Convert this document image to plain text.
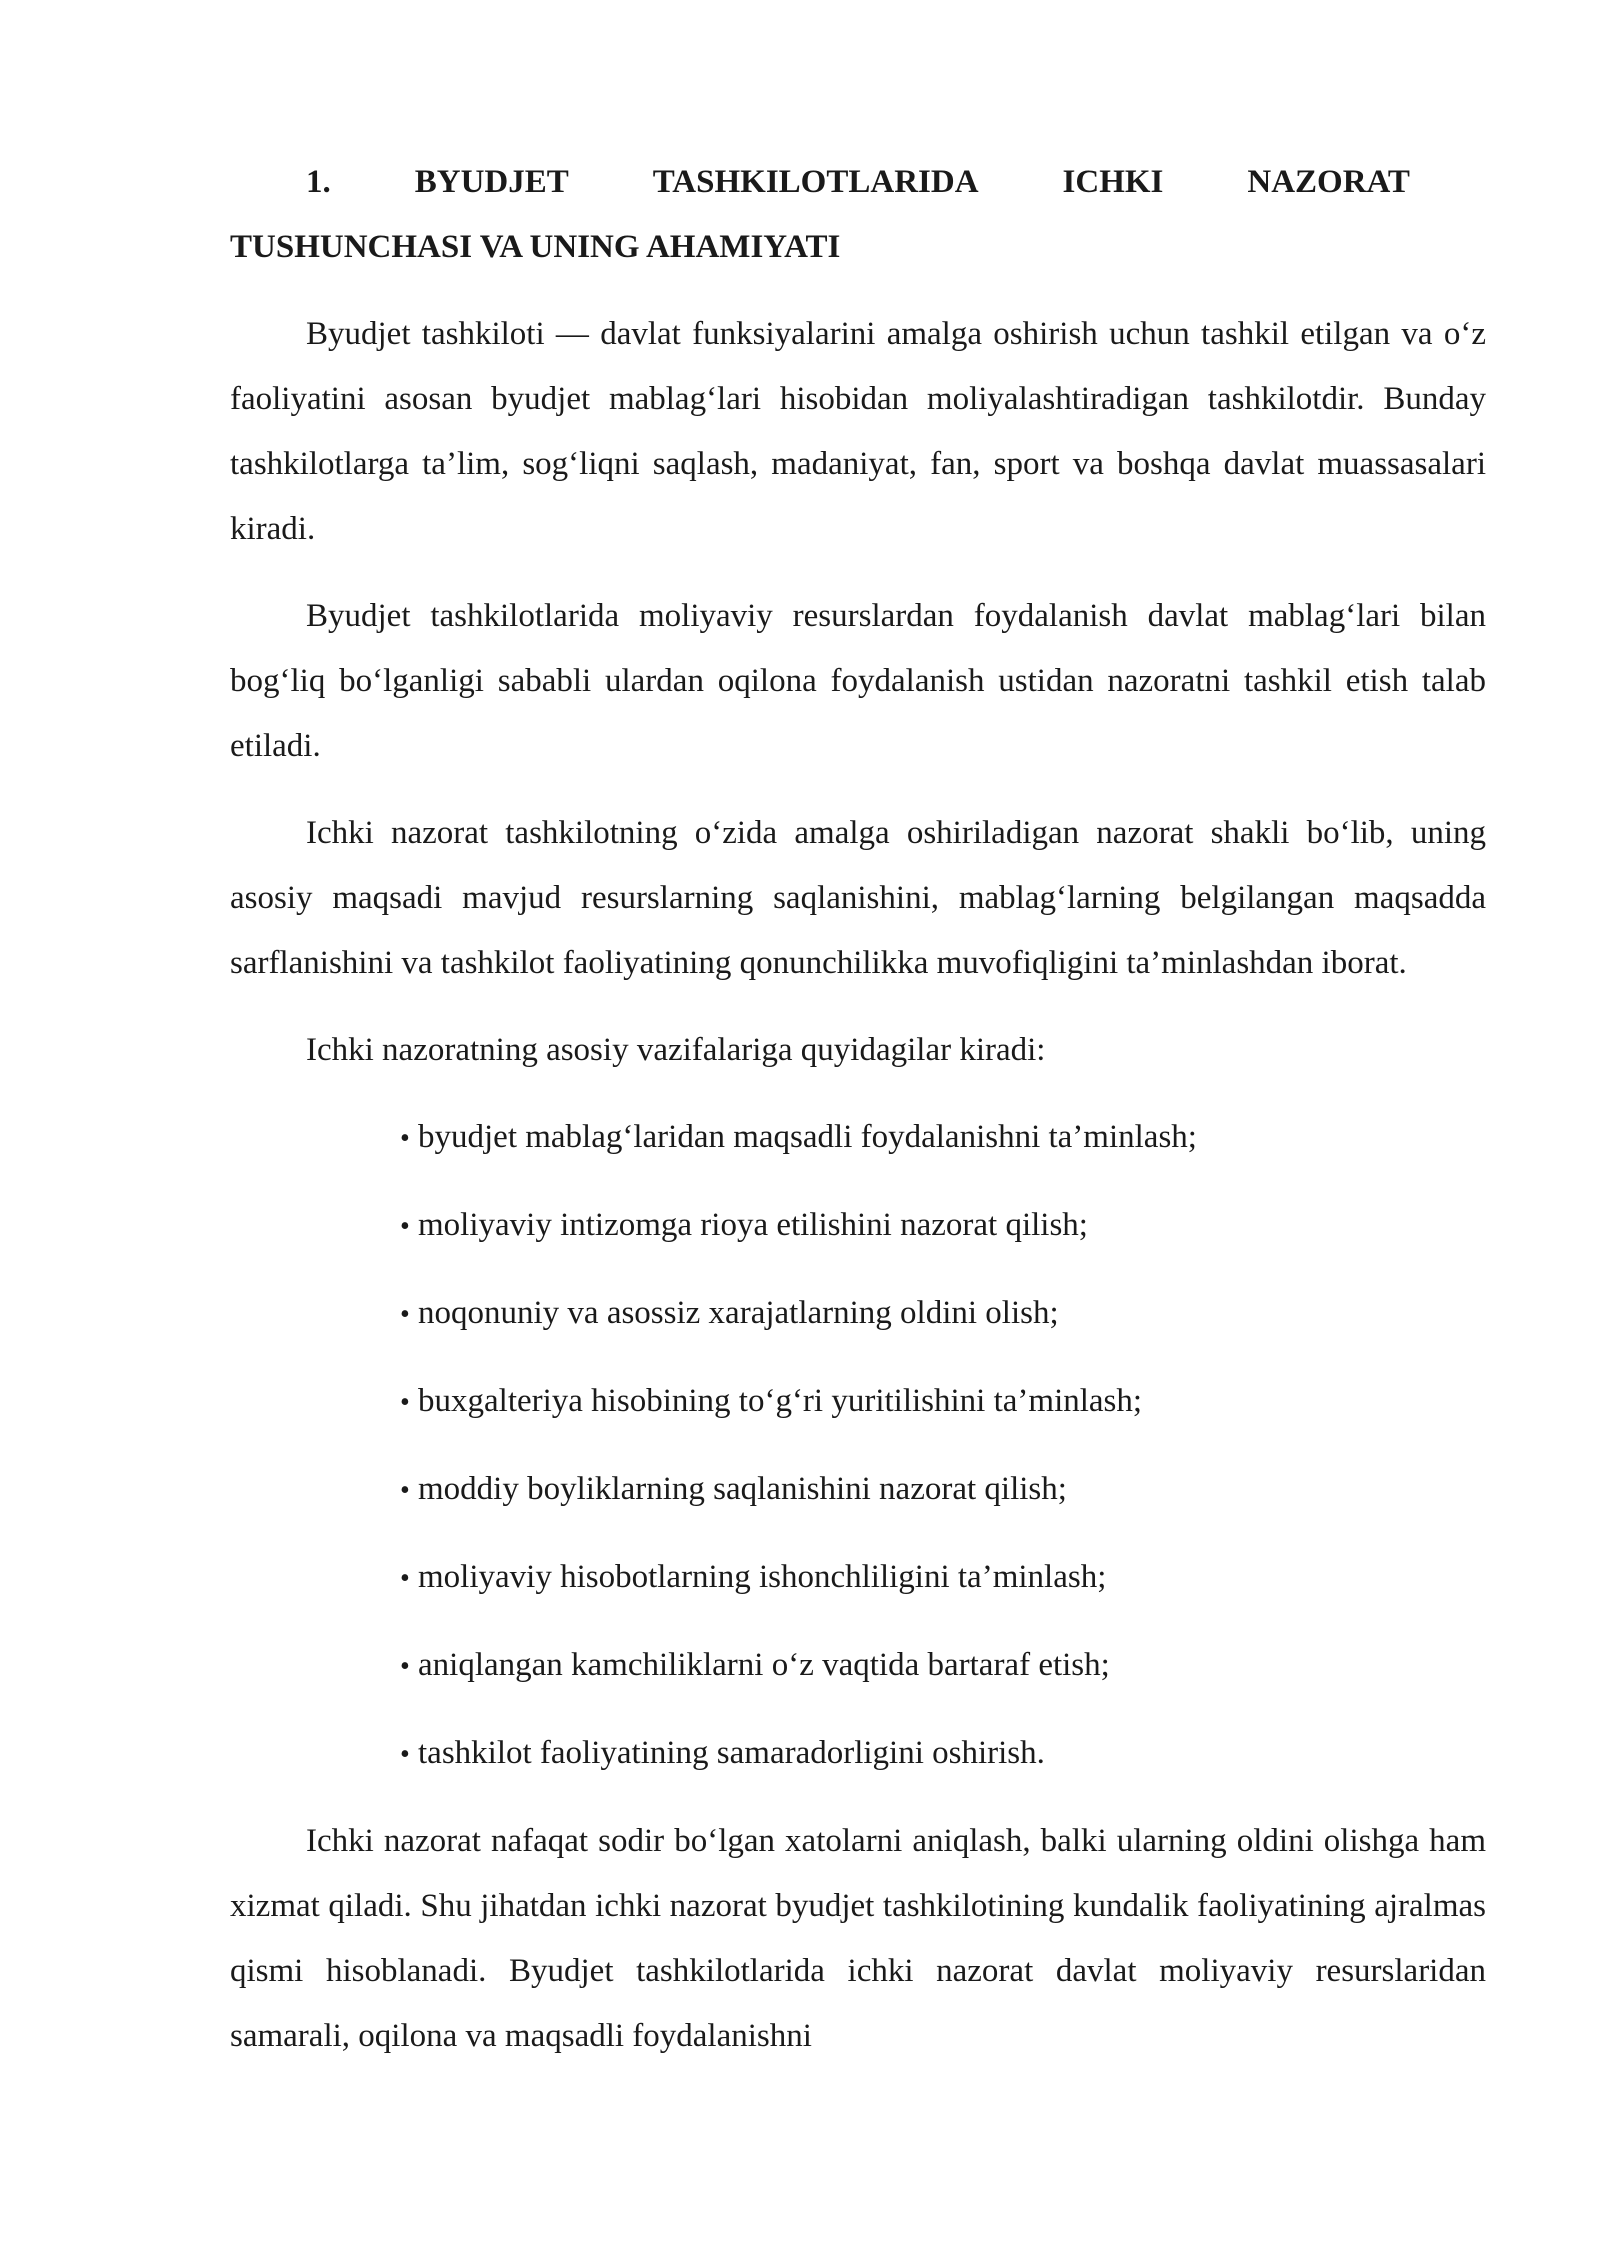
1.	BYUDJET	TASHKILOTLARIDA	ICHKI	NAZORAT
TUSHUNCHASI VA UNING AHAMIYATI

Byudjet tashkiloti — davlat funksiyalarini amalga oshirish uchun tashkil etilgan va o‘z faoliyatini asosan byudjet mablag‘lari hisobidan moliyalashtiradigan tashkilotdir. Bunday tashkilotlarga ta’lim, sog‘liqni saqlash, madaniyat, fan, sport va boshqa davlat muassasalari kiradi.

Byudjet tashkilotlarida moliyaviy resurslardan foydalanish davlat mablag‘lari bilan bog‘liq bo‘lganligi sababli ulardan oqilona foydalanish ustidan nazoratni tashkil etish talab etiladi.

Ichki nazorat tashkilotning o‘zida amalga oshiriladigan nazorat shakli bo‘lib, uning asosiy maqsadi mavjud resurslarning saqlanishini, mablag‘larning belgilangan maqsadda sarflanishini va tashkilot faoliyatining qonunchilikka muvofiqligini ta’minlashdan iborat.

Ichki nazoratning asosiy vazifalariga quyidagilar kiradi:

• byudjet mablag‘laridan maqsadli foydalanishni ta’minlash;
• moliyaviy intizomga rioya etilishini nazorat qilish;
• noqonuniy va asossiz xarajatlarning oldini olish;
• buxgalteriya hisobining to‘g‘ri yuritilishini ta’minlash;
• moddiy boyliklarning saqlanishini nazorat qilish;
• moliyaviy hisobotlarning ishonchliligini ta’minlash;
• aniqlangan kamchiliklarni o‘z vaqtida bartaraf etish;
• tashkilot faoliyatining samaradorligini oshirish.

Ichki nazorat nafaqat sodir bo‘lgan xatolarni aniqlash, balki ularning oldini olishga ham xizmat qiladi. Shu jihatdan ichki nazorat byudjet tashkilotining kundalik faoliyatining ajralmas qismi hisoblanadi. Byudjet tashkilotlarida ichki nazorat davlat moliyaviy resurslaridan samarali, oqilona va maqsadli foydalanishni
